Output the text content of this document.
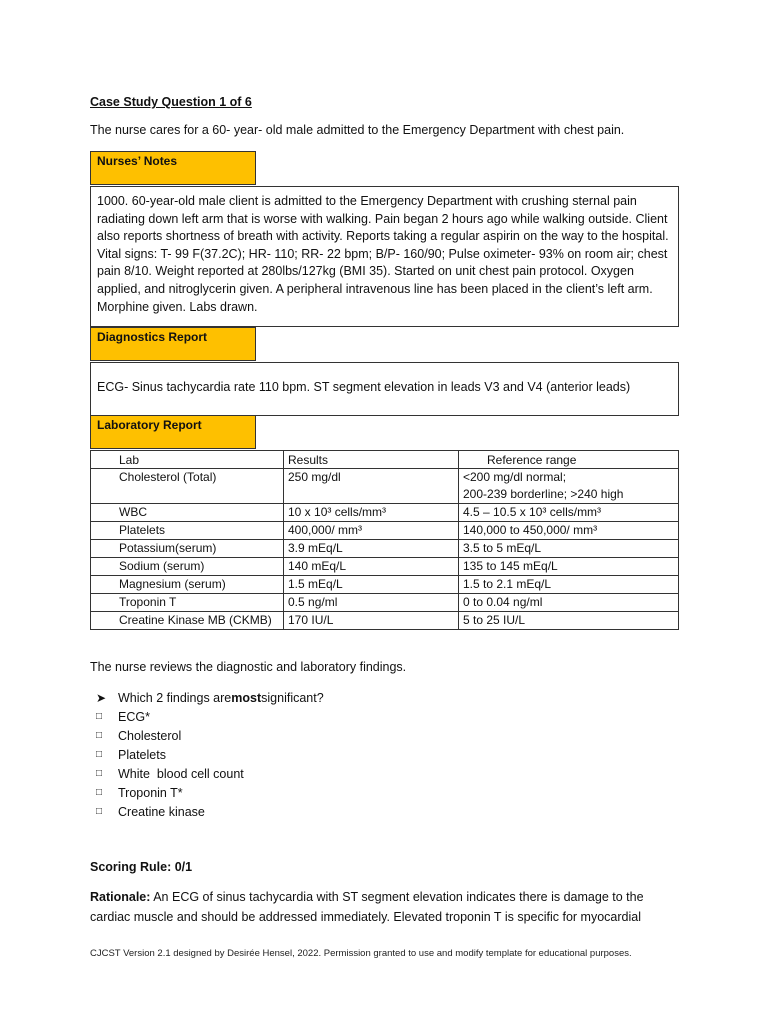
Case Study Question 1 of 6
The nurse cares for a 60- year- old male admitted to the Emergency Department with chest pain.
Nurses’ Notes
1000. 60-year-old male client is admitted to the Emergency Department with crushing sternal pain radiating down left arm that is worse with walking. Pain began 2 hours ago while walking outside. Client also reports shortness of breath with activity. Reports taking a regular aspirin on the way to the hospital. Vital signs: T- 99 F(37.2C); HR- 110; RR- 22 bpm; B/P- 160/90; Pulse oximeter- 93% on room air; chest pain 8/10. Weight reported at 280lbs/127kg (BMI 35). Started on unit chest pain protocol. Oxygen applied, and nitroglycerin given. A peripheral intravenous line has been placed in the client’s left arm. Morphine given. Labs drawn.
Diagnostics Report
ECG- Sinus tachycardia rate 110 bpm. ST segment elevation in leads V3 and V4 (anterior leads)
Laboratory Report
Lab	Results	Reference range
Cholesterol (Total)	250 mg/dl	<200 mg/dl normal;
200-239 borderline; >240 high

WBC	10 x 10³ cells/mm³	4.5 – 10.5 x 10³ cells/mm³
Platelets	400,000/ mm³	140,000 to 450,000/ mm³
Potassium(serum)	3.9 mEq/L	3.5 to 5 mEq/L
Sodium (serum)	140 mEq/L	135 to 145 mEq/L
Magnesium (serum)	1.5 mEq/L	1.5 to 2.1 mEq/L
Troponin T	0.5 ng/ml	0 to 0.04 ng/ml
Creatine Kinase MB (CKMB)	170 IU/L	5 to 25 IU/L
The nurse reviews the diagnostic and laboratory findings.
➤ Which 2 findings are most significant?
□	ECG*
□	Cholesterol
□	Platelets
□	White  blood cell count
□	Troponin T*
□	Creatine kinase
Scoring Rule: 0/1
Rationale: An ECG of sinus tachycardia with ST segment elevation indicates there is damage to the cardiac muscle and should be addressed immediately. Elevated troponin T is specific for myocardial
CJCST Version 2.1 designed by Desirée Hensel, 2022. Permission granted to use and modify template for educational purposes.
